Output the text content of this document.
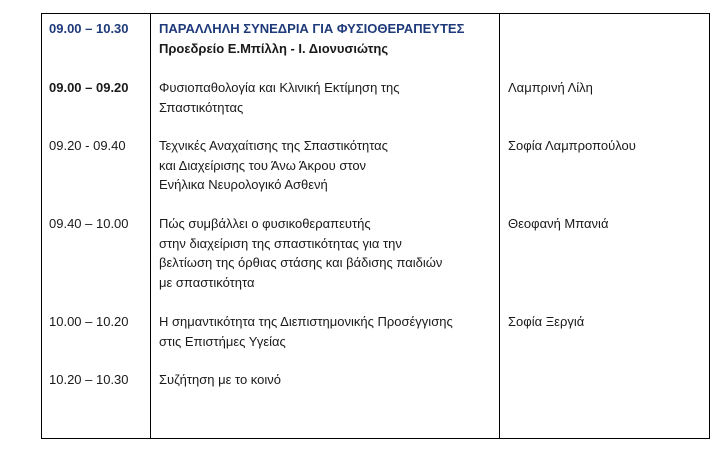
09.00 – 10.30 ΠΑΡΑΛΛΗΛΗ ΣΥΝΕΔΡΙΑ ΓΙΑ ΦΥΣΙΟΘΕΡΑΠΕΥΤΕΣ
Προεδρείο Ε.Μπίλλη - Ι. Διονυσιώτης
09.00 – 09.20 Φυσιοπαθολογία και Κλινική Εκτίμηση της
Σπαστικότητας
Λαμπρινή Λίλη
09.20 - 09.40	Τεχνικές Αναχαίτισης της Σπαστικότητας
και Διαχείρισης του Άνω Άκρου στον
Ενήλικα Νευρολογικό Ασθενή
Σοφία Λαμπροπούλου
09.40 – 10.00 Πώς συμβάλλει ο φυσικοθεραπευτής
στην διαχείριση της σπαστικότητας για την
βελτίωση της όρθιας στάσης και βάδισης παιδιών
με σπαστικότητα
Θεοφανή Μπανιά
10.00 – 10.20 Η σημαντικότητα της Διεπιστημονικής Προσέγγισης
στις Επιστήμες Υγείας
Σοφία Ξεργιά
10.20 – 10.30 Συζήτηση με το κοινό
